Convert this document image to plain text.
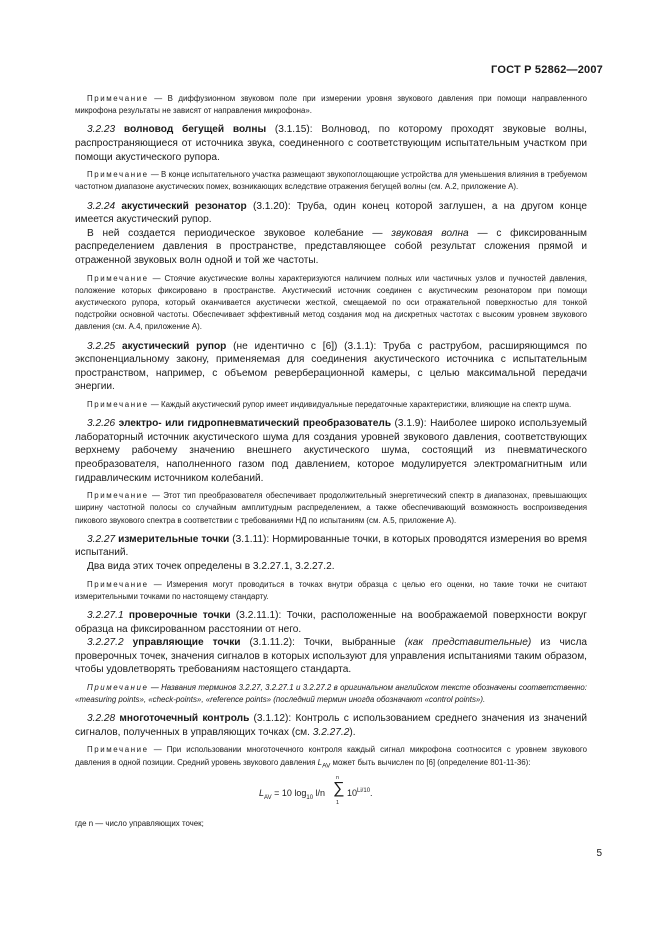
ГОСТ Р 52862—2007

Примечание — В диффузионном звуковом поле при измерении уровня звукового давления при помощи направленного микрофона результаты не зависят от направления микрофона».

3.2.23 волновод бегущей волны (3.1.15): Волновод, по которому проходят звуковые волны, распространяющиеся от источника звука, соединенного с соответствующим испытательным участком при помощи акустического рупора.

Примечание — В конце испытательного участка размещают звукопоглощающие устройства для уменьшения влияния в требуемом частотном диапазоне акустических помех, возникающих вследствие отражения бегущей волны (см. А.2, приложение А).

3.2.24 акустический резонатор (3.1.20): Труба, один конец которой заглушен, а на другом конце имеется акустический рупор.

В ней создается периодическое звуковое колебание — звуковая волна — с фиксированным распределением давления в пространстве, представляющее собой результат сложения прямой и отраженной звуковых волн одной и той же частоты.

Примечание — Стоячие акустические волны характеризуются наличием полных или частичных узлов и пучностей давления, положение которых фиксировано в пространстве. Акустический источник соединен с акустическим резонатором при помощи акустического рупора, который оканчивается акустически жесткой, смещаемой по оси отражательной поверхностью для тонкой подстройки основной частоты. Обеспечивает эффективный метод создания мод на дискретных частотах с высоким уровнем звукового давления (см. А.4, приложение А).

3.2.25 акустический рупор (не идентично с [6]) (3.1.1): Труба с раструбом, расширяющимся по экспоненциальному закону, применяемая для соединения акустического источника с испытательным пространством, например, с объемом реверберационной камеры, с целью максимальной передачи энергии.

Примечание — Каждый акустический рупор имеет индивидуальные передаточные характеристики, влияющие на спектр шума.

3.2.26 электро- или гидропневматический преобразователь (3.1.9): Наиболее широко используемый лабораторный источник акустического шума для создания уровней звукового давления, соответствующих верхнему рабочему значению внешнего акустического шума, состоящий из пневматического преобразователя, наполненного газом под давлением, которое модулируется электромагнитным или гидравлическим источником колебаний.

Примечание — Этот тип преобразователя обеспечивает продолжительный энергетический спектр в диапазонах, превышающих ширину частотной полосы со случайным амплитудным распределением, а также обеспечивающий возможность воспроизведения пикового звукового спектра в соответствии с требованиями НД по испытаниям (см. А.5, приложение А).

3.2.27 измерительные точки (3.1.11): Нормированные точки, в которых проводятся измерения во время испытаний.

Два вида этих точек определены в 3.2.27.1, 3.2.27.2.

Примечание — Измерения могут проводиться в точках внутри образца с целью его оценки, но такие точки не считают измерительными точками по настоящему стандарту.

3.2.27.1 проверочные точки (3.2.11.1): Точки, расположенные на воображаемой поверхности вокруг образца на фиксированном расстоянии от него.

3.2.27.2 управляющие точки (3.1.11.2): Точки, выбранные (как представительные) из числа проверочных точек, значения сигналов в которых используют для управления испытаниями таким образом, чтобы удовлетворять требованиям настоящего стандарта.

Примечание — Названия терминов 3.2.27, 3.2.27.1 и 3.2.27.2 в оригинальном английском тексте обозначены соответственно: «measuring points», «check-points», «reference points» (последний термин иногда обозначают «control points»).

3.2.28 многоточечный контроль (3.1.12): Контроль с использованием среднего значения из значений сигналов, полученных в управляющих точках (см. 3.2.27.2).

Примечание — При использовании многоточечного контроля каждый сигнал микрофона соотносится с уровнем звукового давления в одной позиции. Средний уровень звукового давления $L_{AV}$ может быть вычислен по [6] (определение 801-11-36):

$L_{AV} = 10$ $\log_{10} l/n$
n
∑
1
$10^{Li/10}$.

где n — число управляющих точек;

5
